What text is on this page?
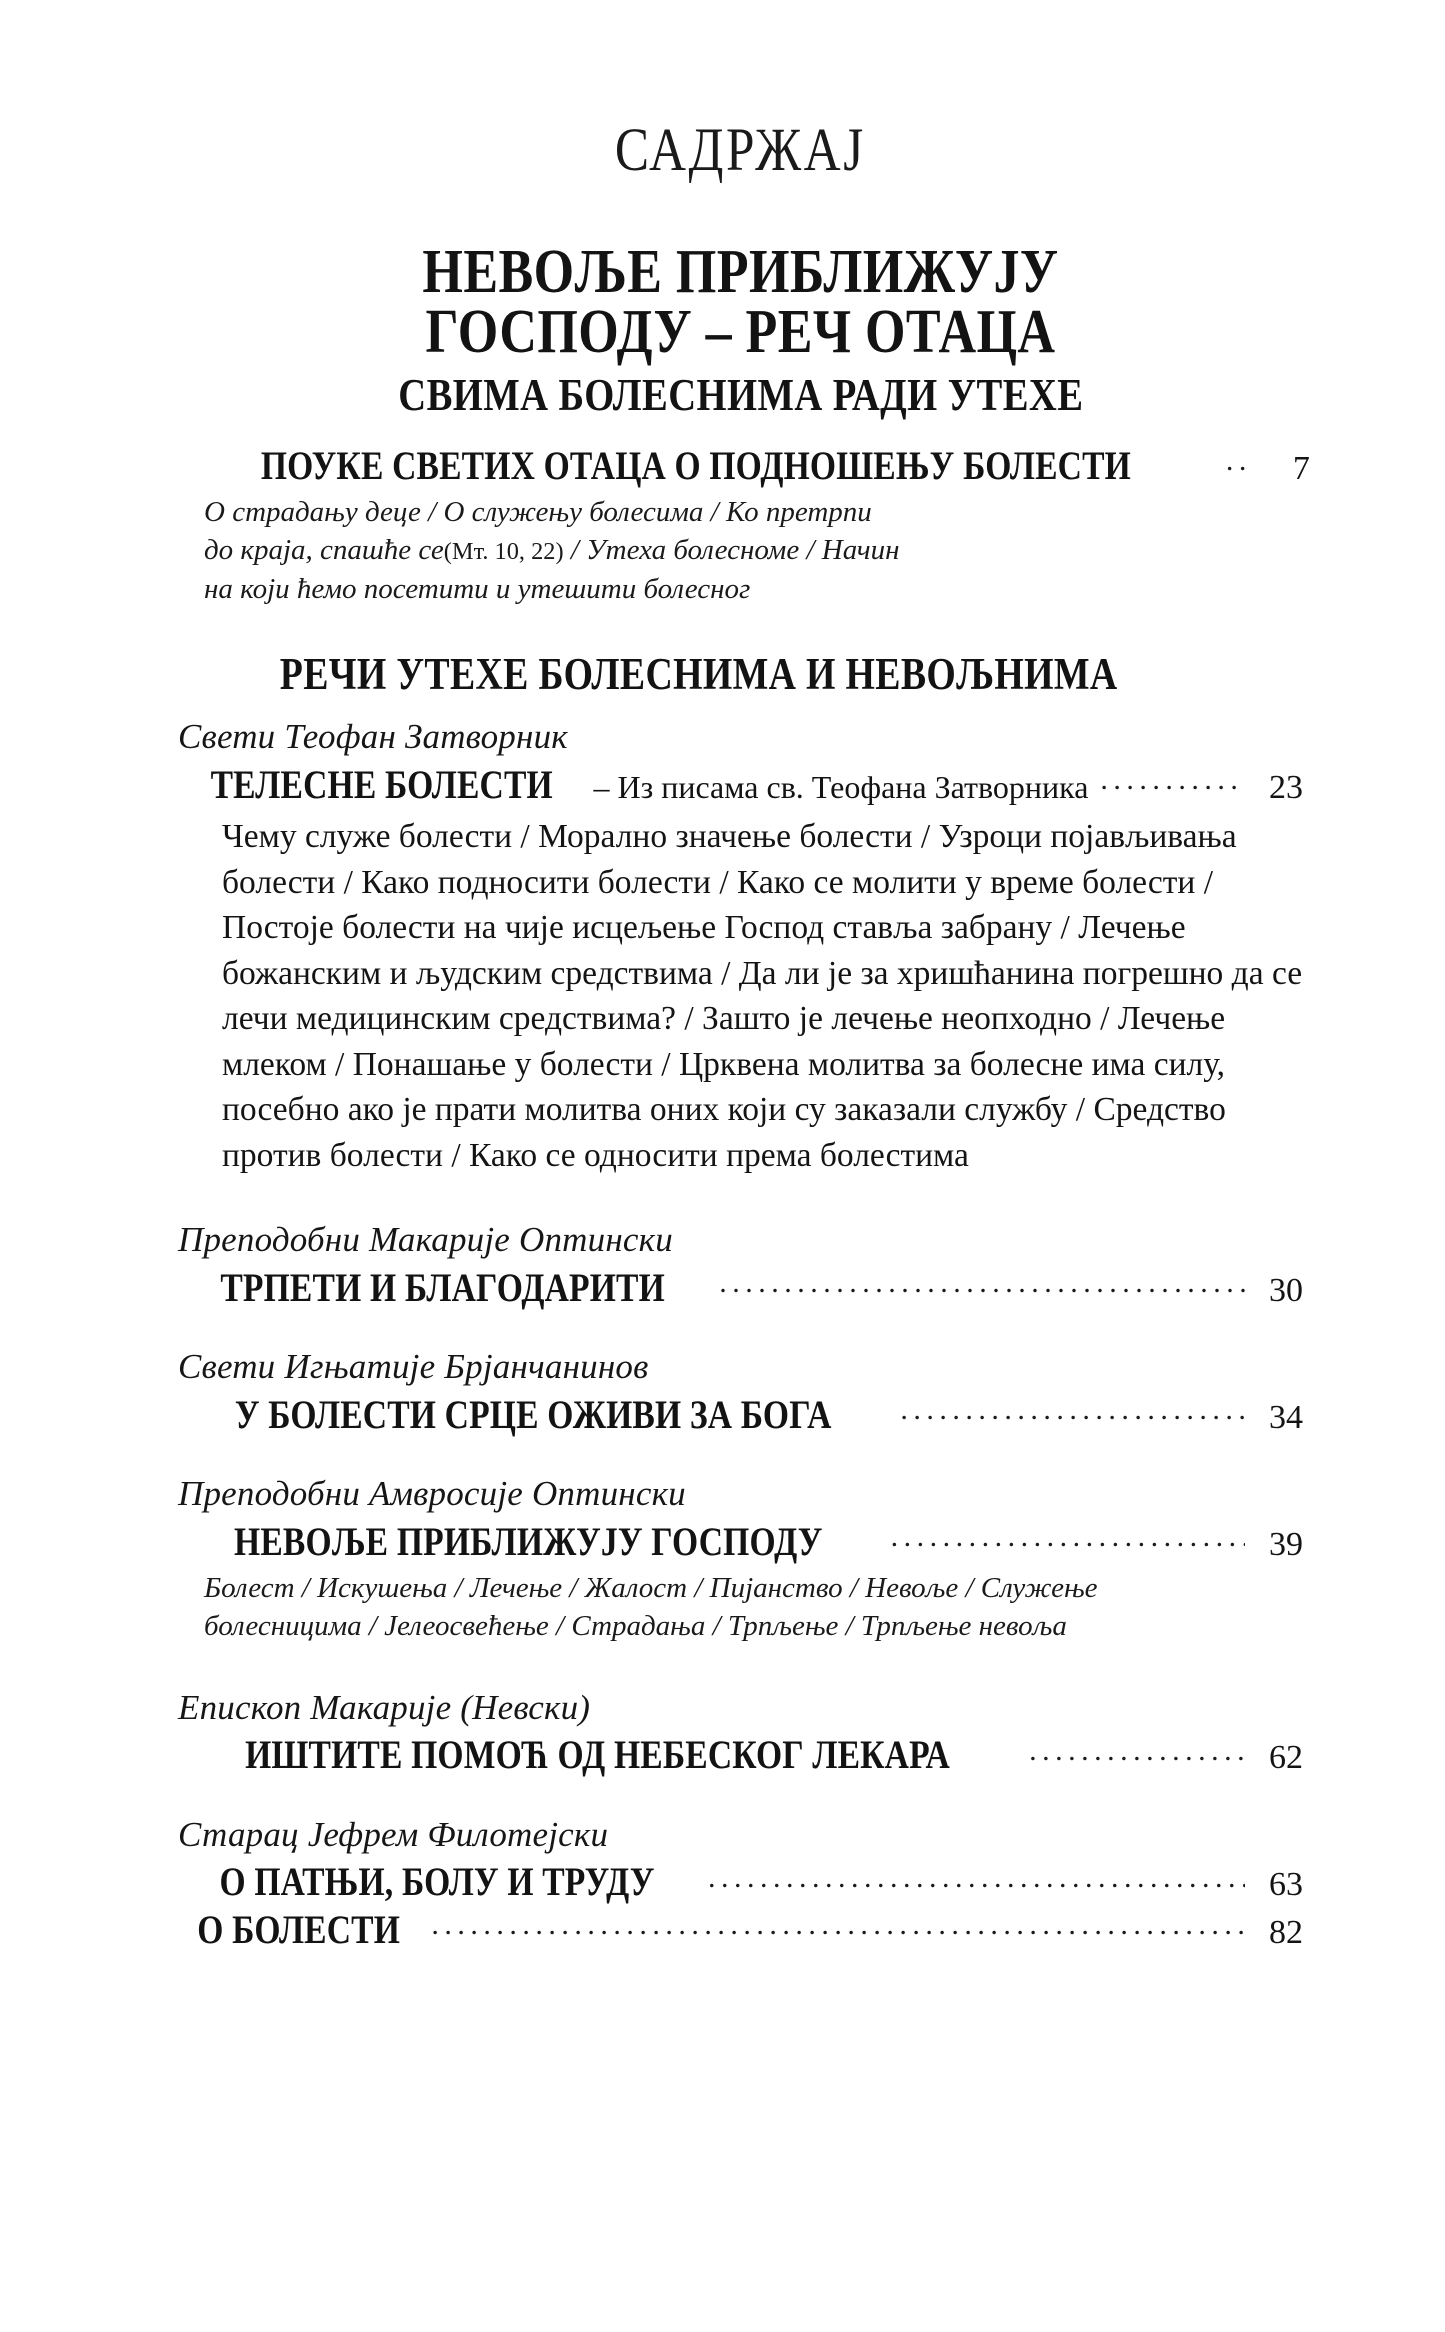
САДРЖАЈ
НЕВОЉЕ ПРИБЛИЖУЈУ
ГОСПОДУ – РЕЧ ОТАЦА
СВИМА БОЛЕСНИМА РАДИ УТЕХЕ
ПОУКЕ СВЕТИХ ОТАЦА О ПОДНОШЕЊУ БОЛЕСТИ .....	7
О страдању деце / О служењу болесима / Ко претрпи
до краја, спашће се(Мт. 10, 22) / Утеха болесноме / Начин
на који ћемо посетити и утешити болесног
РЕЧИ УТЕХЕ БОЛЕСНИМА И НЕВОЉНИМА
Свети Теофан Затворник
ТЕЛЕСНЕ БОЛЕСТИ – Из писама св. Теофана Затворника .....	23
Чему служе болести / Морално значење болести / Узроци појављивања болести / Како подносити болести / Како се молити у време болести / Постоје болести на чије исцељење Господ ставља забрану / Лечење божанским и људским средствима / Да ли је за хришћанина погрешно да се лечи медицинским средствима? / Зашто је лечење неопходно / Лечење млеком / Понашање у болести / Црквена молитва за болесне има силу, посебно ако је прати молитва оних који су заказали службу / Средство против болести / Како се односити према болестима
Преподобни Макарије Оптински
ТРПЕТИ И БЛАГОДАРИТИ .....	30
Свети Игњатије Брјанчанинов
У БОЛЕСТИ СРЦЕ ОЖИВИ ЗА БОГА .....	34
Преподобни Амвросије Оптински
НЕВОЉЕ ПРИБЛИЖУЈУ ГОСПОДУ .....	39
Болест / Искушења / Лечење / Жалост / Пијанство / Невоље / Служење
болесницима / Јелеосвећење / Страдања / Трпљење / Трпљење невоља
Епископ Макарије (Невски)
ИШТИТЕ ПОМОЋ ОД НЕБЕСКОГ ЛЕКАРА .....	62
Старац Јефрем Филотејски
О ПАТЊИ, БОЛУ И ТРУДУ .....	63
О БОЛЕСТИ .....	82
